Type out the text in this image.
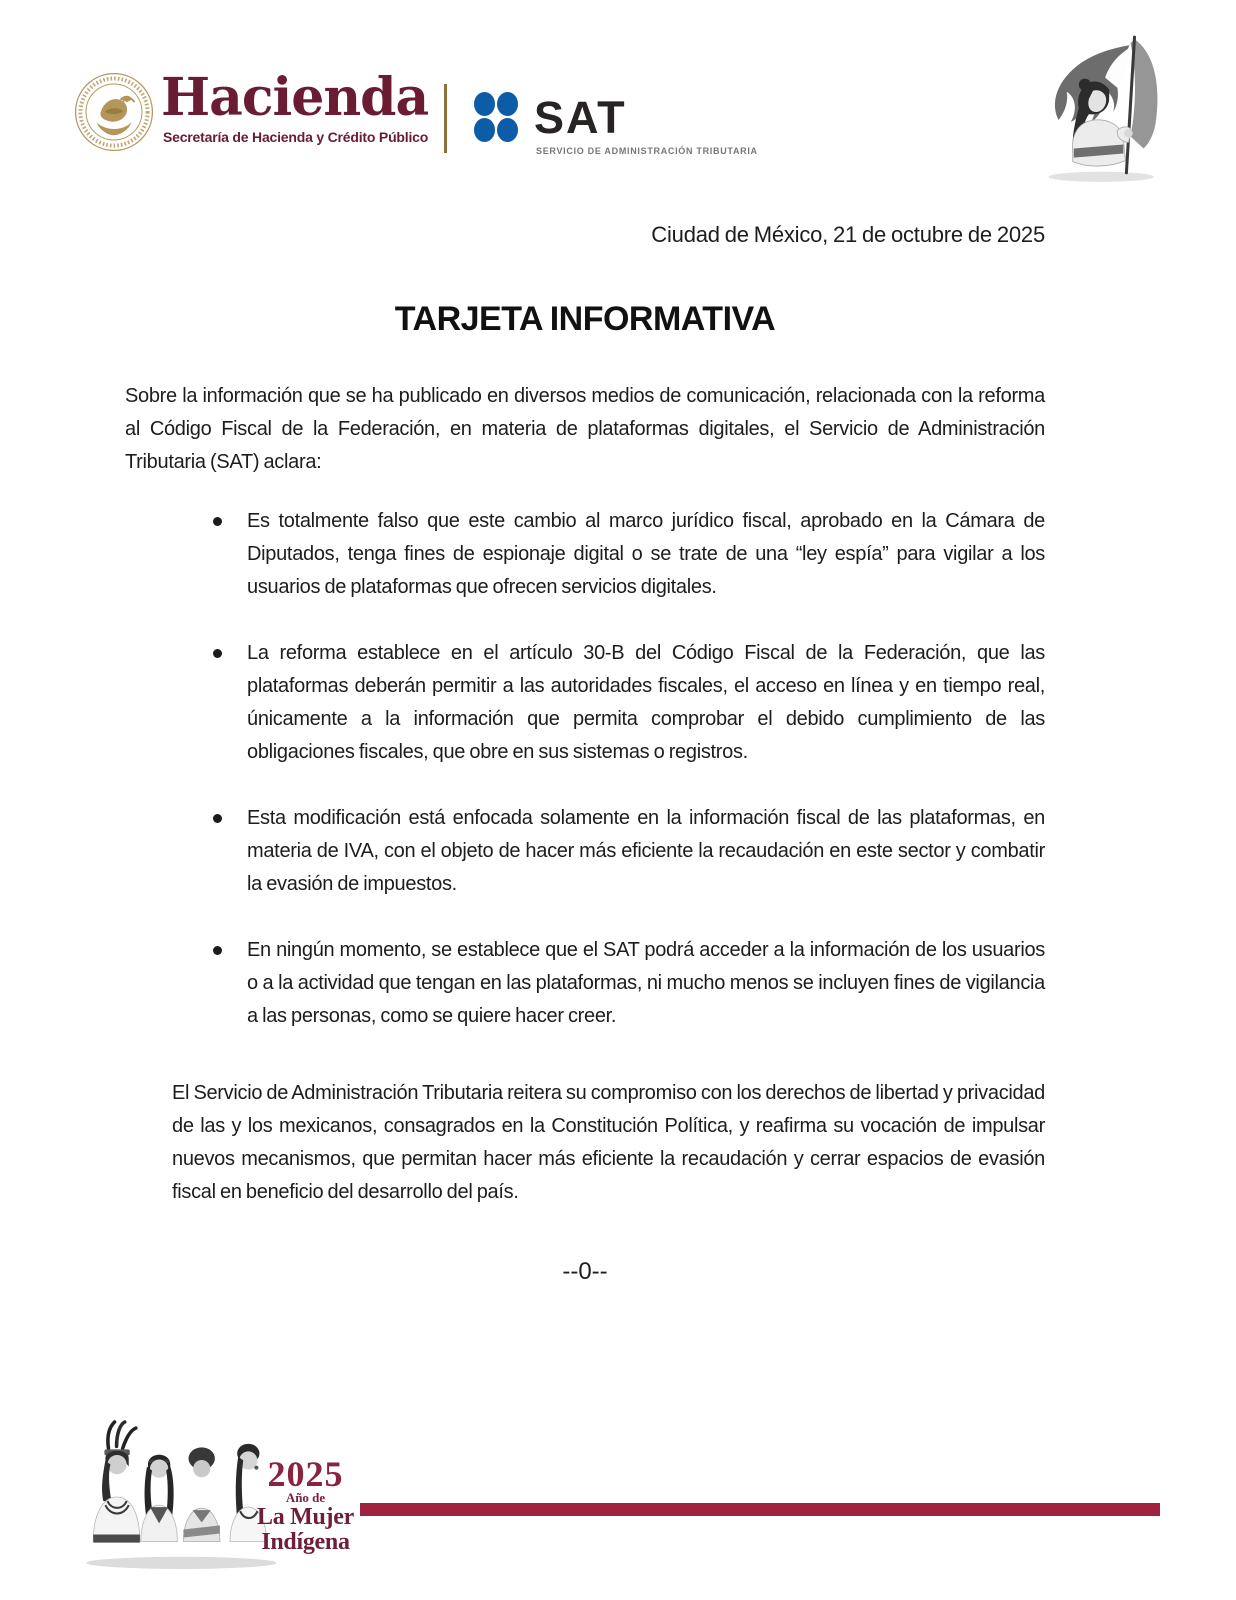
Hacienda
Secretaría de Hacienda y Crédito Público SAT
SERVICIO DE ADMINISTRACIÓN TRIBUTARIA
Ciudad de México, 21 de octubre de 2025
TARJETA INFORMATIVA

Sobre la información que se ha publicado en diversos medios de comunicación, relacionada con la reforma al Código Fiscal de la Federación, en materia de plataformas digitales, el Servicio de Administración Tributaria (SAT) aclara:

Es totalmente falso que este cambio al marco jurídico fiscal, aprobado en la Cámara de Diputados, tenga fines de espionaje digital o se trate de una “ley espía” para vigilar a los usuarios de plataformas que ofrecen servicios digitales.
La reforma establece en el artículo 30-B del Código Fiscal de la Federación, que las plataformas deberán permitir a las autoridades fiscales, el acceso en línea y en tiempo real, únicamente a la información que permita comprobar el debido cumplimiento de las obligaciones fiscales, que obre en sus sistemas o registros.
Esta modificación está enfocada solamente en la información fiscal de las plataformas, en materia de IVA, con el objeto de hacer más eficiente la recaudación en este sector y combatir la evasión de impuestos.
En ningún momento, se establece que el SAT podrá acceder a la información de los usuarios o a la actividad que tengan en las plataformas, ni mucho menos se incluyen fines de vigilancia a las personas, como se quiere hacer creer.

El Servicio de Administración Tributaria reitera su compromiso con los derechos de libertad y privacidad de las y los mexicanos, consagrados en la Constitución Política, y reafirma su vocación de impulsar nuevos mecanismos, que permitan hacer más eficiente la recaudación y cerrar espacios de evasión fiscal en beneficio del desarrollo del país.

--0--
2025
Año de
La Mujer
Indígena
